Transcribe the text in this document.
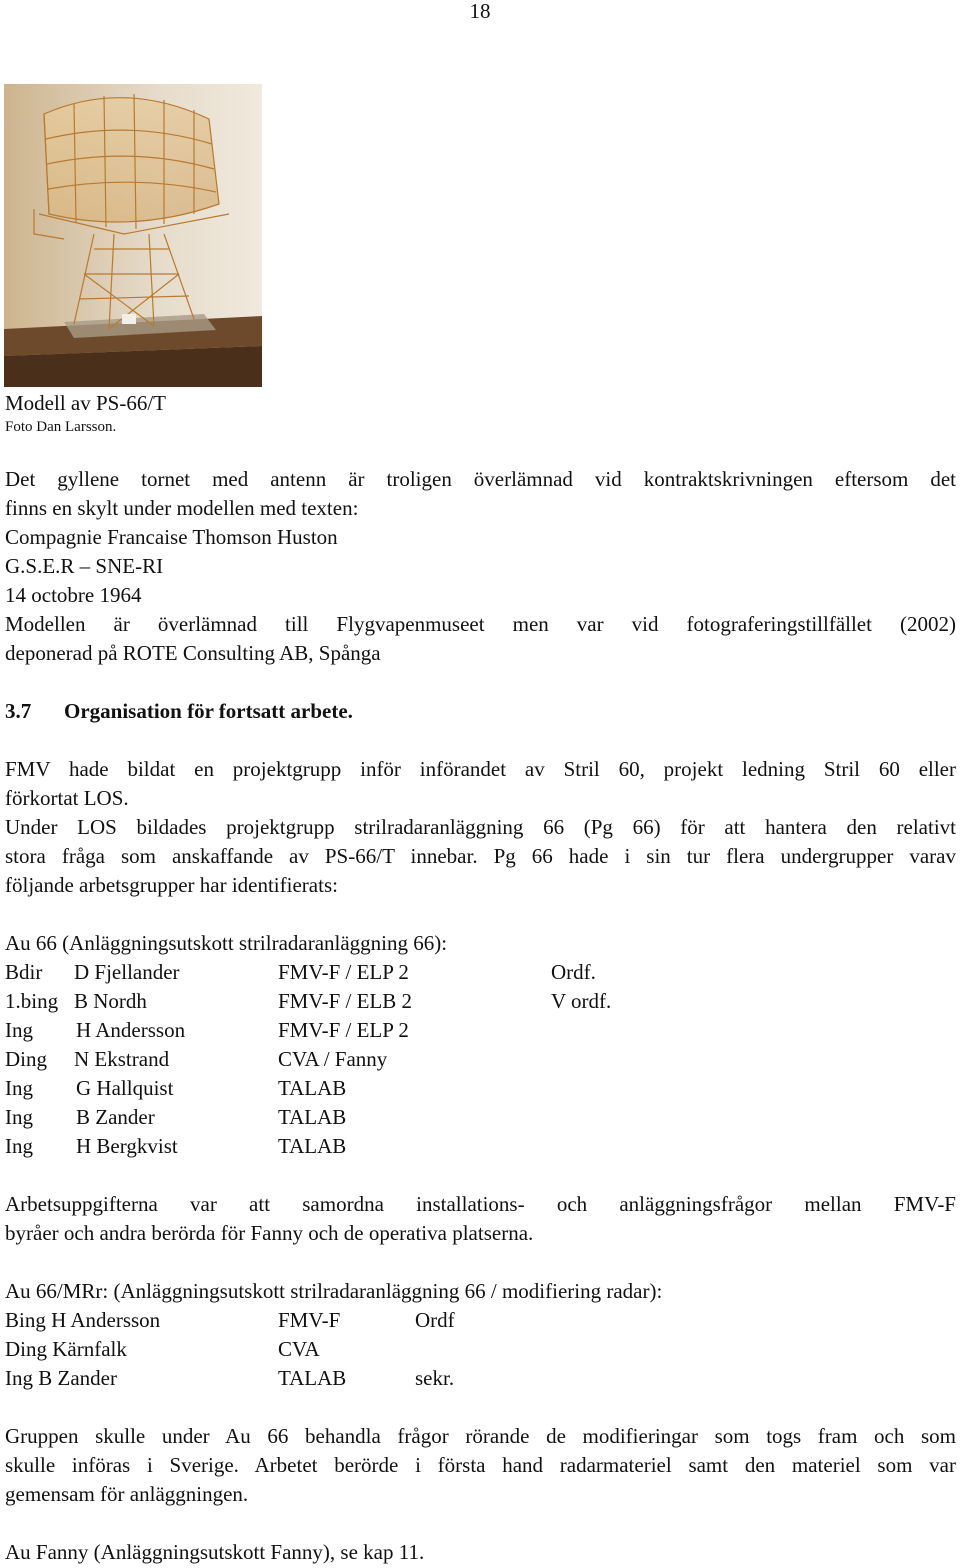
18
Modell av PS-66/T
Foto Dan Larsson.
Det gyllene tornet med antenn är troligen överlämnad vid kontraktskrivningen eftersom det
finns en skylt under modellen med texten:
Compagnie Francaise Thomson Huston
G.S.E.R – SNE-RI
14 octobre 1964
Modellen är överlämnad till Flygvapenmuseet men var vid fotograferingstillfället (2002)
deponerad på ROTE Consulting AB, Spånga
3.7 Organisation för fortsatt arbete.
FMV hade bildat en projektgrupp inför införandet av Stril 60, projekt ledning Stril 60 eller
förkortat LOS.
Under LOS bildades projektgrupp strilradaranläggning 66 (Pg 66) för att hantera den relativt
stora fråga som anskaffande av PS-66/T innebar. Pg 66 hade i sin tur flera undergrupper varav
följande arbetsgrupper har identifierats:
Au 66 (Anläggningsutskott strilradaranläggning 66):
Bdir D Fjellander	FMV-F / ELP 2	Ordf.
1.bing B Nordh	FMV-F / ELB 2	V ordf.
Ing H Andersson	FMV-F / ELP 2
Ding N Ekstrand	CVA / Fanny
Ing G Hallquist	TALAB
Ing B Zander	TALAB
Ing H Bergkvist	TALAB
Arbetsuppgifterna var att samordna installations- och anläggningsfrågor mellan FMV-F
byråer och andra berörda för Fanny och de operativa platserna.
Au 66/MRr: (Anläggningsutskott strilradaranläggning 66 / modifiering radar):
Bing H Andersson	FMV-F	Ordf
Ding Kärnfalk	CVA
Ing B Zander	TALAB	sekr.
Gruppen skulle under Au 66 behandla frågor rörande de modifieringar som togs fram och som
skulle införas i Sverige. Arbetet berörde i första hand radarmateriel samt den materiel som var
gemensam för anläggningen.
Au Fanny (Anläggningsutskott Fanny), se kap 11.
